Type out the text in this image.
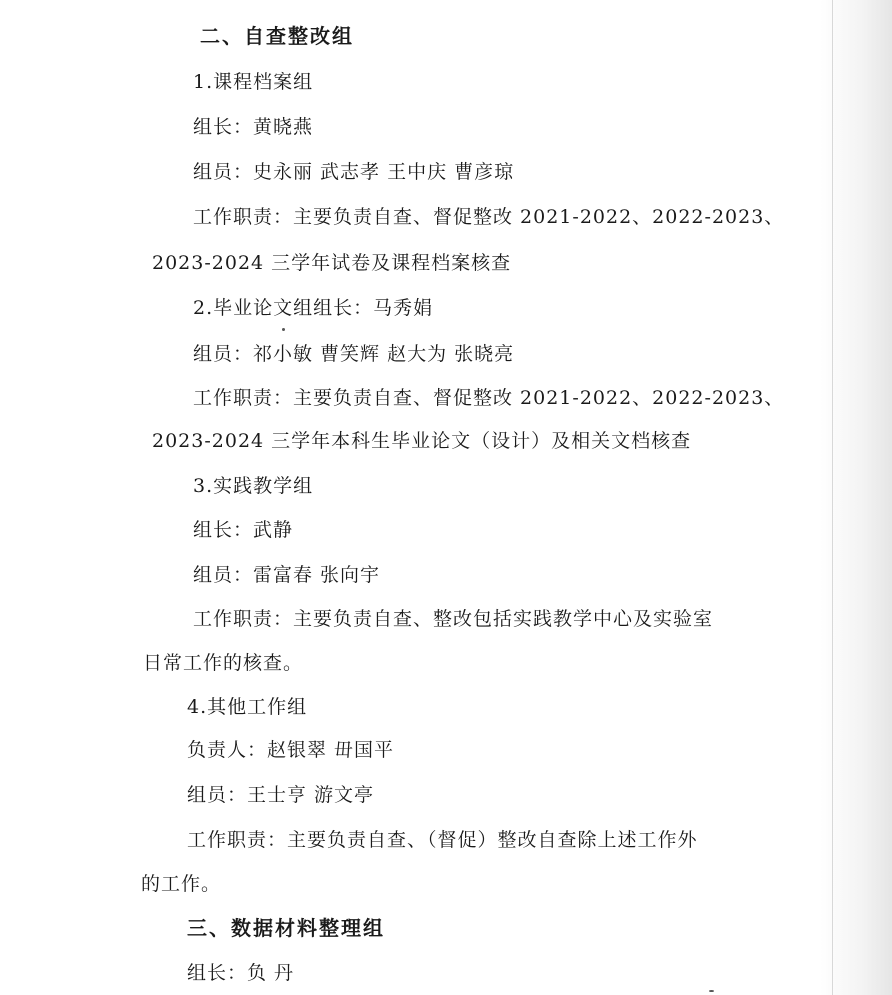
二、自查整改组
1.课程档案组
组长：黄晓燕
组员：史永丽 武志孝 王中庆 曹彦琼
工作职责：主要负责自查、督促整改 2021-2022、2022-2023、
2023-2024 三学年试卷及课程档案核查
2.毕业论文组组长：马秀娟
组员：祁小敏 曹笑辉 赵大为 张晓亮
工作职责：主要负责自查、督促整改 2021-2022、2022-2023、
2023-2024 三学年本科生毕业论文（设计）及相关文档核查
3.实践教学组
组长：武静
组员：雷富春 张向宇
工作职责：主要负责自查、整改包括实践教学中心及实验室
日常工作的核查。
4.其他工作组
负责人：赵银翠 毌国平
组员：王士亨 游文亭
工作职责：主要负责自查、（督促）整改自查除上述工作外
的工作。
三、数据材料整理组
组长：负 丹
